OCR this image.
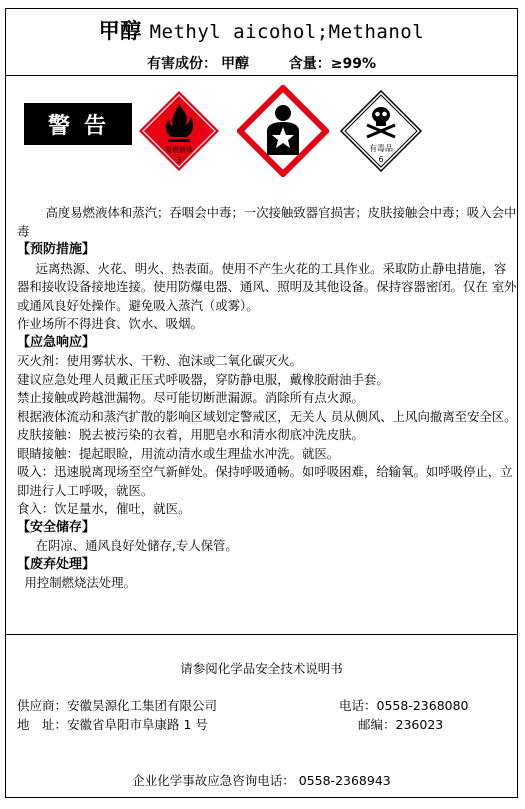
甲醇 Methyl aicohol;Methanol
有害成份： 甲醇	含量：≥99%
警告
易燃液体
3
有毒品
6

高度易燃液体和蒸汽；吞咽会中毒；一次接触致器官损害；皮肤接触会中毒；吸入会中毒

【预防措施】

远离热源、火花、明火、热表面。使用不产生火花的工具作业。采取防止静电措施，容器和接收设备接地连接。使用防爆电器、通风、照明及其他设备。保持容器密闭。仅在 室外或通风良好处操作。避免吸入蒸汽（或雾）。

作业场所不得进食、饮水、吸烟。

【应急响应】

灭火剂：使用雾状水、干粉、泡沫或二氧化碳灭火。

建议应急处理人员戴正压式呼吸器，穿防静电服，戴橡胶耐油手套。

禁止接触或跨越泄漏物。尽可能切断泄漏源。消除所有点火源。

根据液体流动和蒸汽扩散的影响区域划定警戒区，无关人 员从侧风、上风向撤离至安全区。

皮肤接触：脱去被污染的衣着，用肥皂水和清水彻底冲洗皮肤。

眼睛接触：提起眼睑，用流动清水或生理盐水冲洗。就医。

吸入：迅速脱离现场至空气新鲜处。保持呼吸通畅。如呼吸困难，给输氧。如呼吸停止，立即进行人工呼吸，就医。

食入：饮足量水，催吐，就医。

【安全储存】

在阴凉、通风良好处储存,专人保管。

【废弃处理】

用控制燃烧法处理。

请参阅化学品安全技术说明书
供应商：安徽昊源化工集团有限公司	电话：0558-2368080
地　址：安徽省阜阳市阜康路 1 号	邮编：236023
企业化学事故应急咨询电话： 0558-2368943
